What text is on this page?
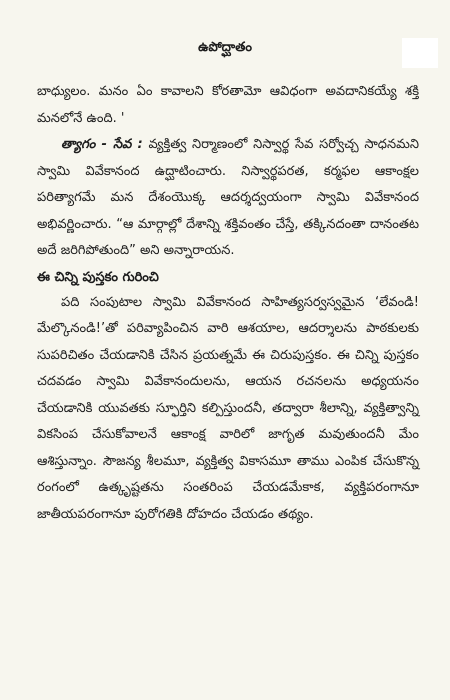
ఉపోద్ఘాతం

బాధ్యులం. మనం ఏం కావాలని కోరతామో ఆవిధంగా అవదానికయ్యే శక్తి మనలోనే ఉంది. '

త్యాగం - సేవ : వ్యక్తిత్వ నిర్మాణంలో నిస్వార్థ సేవ సర్వోచ్చ సాధనమని స్వామి వివేకానంద ఉద్ఘాటించారు. నిస్వార్థపరత, కర్మఫల ఆకాంక్షల పరిత్యాగమే మన దేశంయొక్క ఆదర్శద్వయంగా స్వామి వివేకానంద అభివర్ణించారు. “ఆ మార్గాల్లో దేశాన్ని శక్తివంతం చేస్తే, తక్కినదంతా దానంతట అదే జరిగిపోతుంది” అని అన్నారాయన.

ఈ చిన్ని పుస్తకం గురించి

పది సంపుటాల స్వామి వివేకానంద సాహిత్యసర్వస్వమైన ‘లేవండి! మేల్కొనండి!’తో పరివ్యాపించిన వారి ఆశయాల, ఆదర్శాలను పాఠకులకు సుపరిచితం చేయడానికి చేసిన ప్రయత్నమే ఈ చిరుపుస్తకం. ఈ చిన్ని పుస్తకం చదవడం స్వామి వివేకానందులను, ఆయన రచనలను అధ్యయనం చేయడానికి యువతకు స్ఫూర్తిని కల్పిస్తుందనీ, తద్వారా శీలాన్ని, వ్యక్తిత్వాన్ని వికసింప చేసుకోవాలనే ఆకాంక్ష వారిలో జాగృత మవుతుందనీ మేం ఆశిస్తున్నాం. సౌజన్య శీలమూ, వ్యక్తిత్వ వికాసమూ తాము ఎంపిక చేసుకొన్న రంగంలో ఉత్కృష్టతను సంతరింప చేయడమేకాక, వ్యక్తిపరంగానూ జాతీయపరంగానూ పురోగతికి దోహదం చేయడం తథ్యం.
